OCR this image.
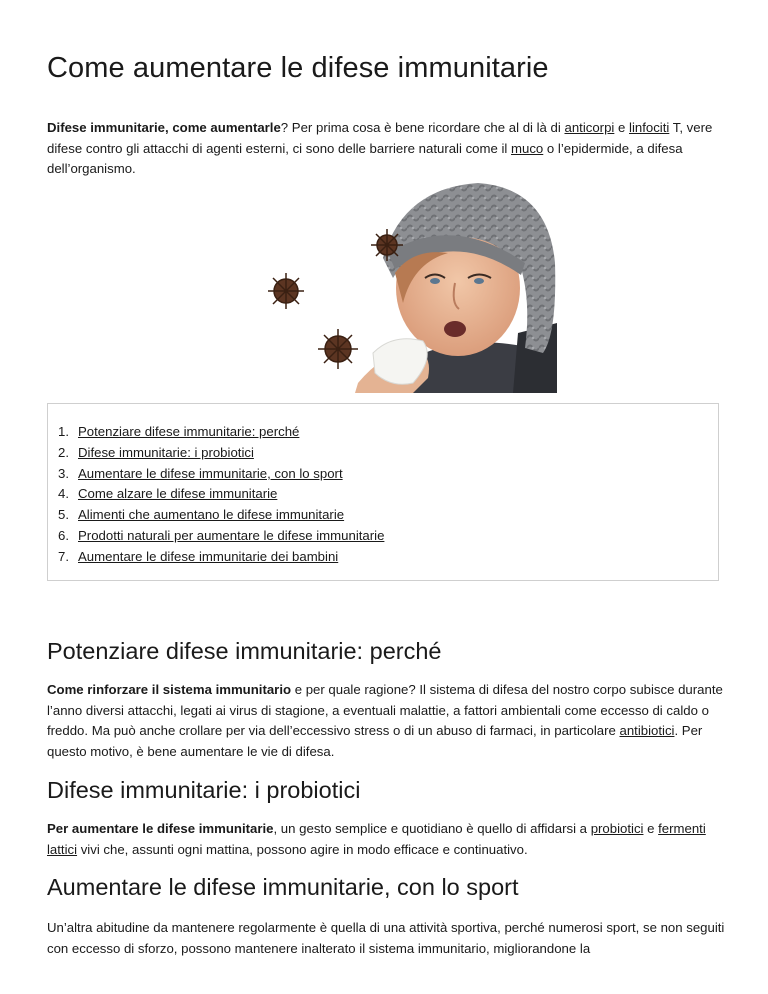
Come aumentare le difese immunitarie

Difese immunitarie, come aumentarle? Per prima cosa è bene ricordare che al di là di anticorpi e linfociti T, vere difese contro gli attacchi di agenti esterni, ci sono delle barriere naturali come il muco o l’epidermide, a difesa dell’organismo.

1. Potenziare difese immunitarie: perché
2. Difese immunitarie: i probiotici
3. Aumentare le difese immunitarie, con lo sport
4. Come alzare le difese immunitarie
5. Alimenti che aumentano le difese immunitarie
6. Prodotti naturali per aumentare le difese immunitarie
7. Aumentare le difese immunitarie dei bambini
Potenziare difese immunitarie: perché

Come rinforzare il sistema immunitario e per quale ragione? Il sistema di difesa del nostro corpo subisce durante l’anno diversi attacchi, legati ai virus di stagione, a eventuali malattie, a fattori ambientali come eccesso di caldo o freddo. Ma può anche crollare per via dell’eccessivo stress o di un abuso di farmaci, in particolare antibiotici. Per questo motivo, è bene aumentare le vie di difesa.

Difese immunitarie: i probiotici

Per aumentare le difese immunitarie, un gesto semplice e quotidiano è quello di affidarsi a probiotici e fermenti lattici vivi che, assunti ogni mattina, possono agire in modo efficace e continuativo.

Aumentare le difese immunitarie, con lo sport

Un’altra abitudine da mantenere regolarmente è quella di una attività sportiva, perché numerosi sport, se non seguiti con eccesso di sforzo, possono mantenere inalterato il sistema immunitario, migliorandone la
